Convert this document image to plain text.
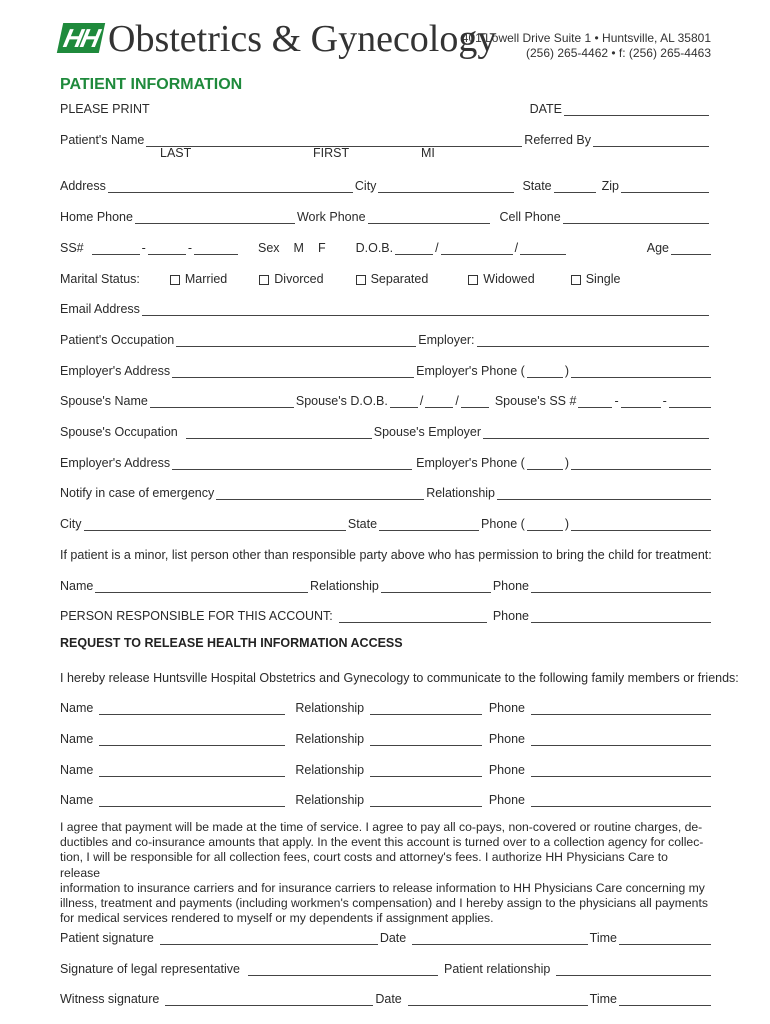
HH Obstetrics & Gynecology
401 Lowell Drive Suite 1 • Huntsville, AL 35801
(256) 265-4462 • f: (256) 265-4463
PATIENT INFORMATION
PLEASE PRINT	DATE
Patient's Name	Referred By
LAST	FIRST	MI
Address	City	State	Zip
Home Phone	Work Phone	Cell Phone
SS#	-	-	Sex M F D.O.B.	/	/	Age
Marital Status:	Married	Divorced	Separated	Widowed	Single
Email Address
Patient's Occupation	Employer:
Employer's Address	Employer's Phone (	)
Spouse's Name	Spouse's D.O.B.	/	/	Spouse's SS #	-	-
Spouse's Occupation	Spouse's Employer
Employer's Address	Employer's Phone (	)
Notify in case of emergency	Relationship
City	State	Phone (	)
If patient is a minor, list person other than responsible party above who has permission to bring the child for treatment:
Name	Relationship	Phone
PERSON RESPONSIBLE FOR THIS ACCOUNT:	Phone
REQUEST TO RELEASE HEALTH INFORMATION ACCESS
I hereby release Huntsville Hospital Obstetrics and Gynecology to communicate to the following family members or friends:
Name	Relationship	Phone
Name	Relationship	Phone
Name	Relationship	Phone
Name	Relationship	Phone
I agree that payment will be made at the time of service. I agree to pay all co-pays, non-covered or routine charges, de-
ductibles and co-insurance amounts that apply. In the event this account is turned over to a collection agency for collec-
tion, I will be responsible for all collection fees, court costs and attorney's fees. I authorize HH Physicians Care to release
information to insurance carriers and for insurance carriers to release information to HH Physicians Care concerning my
illness, treatment and payments (including workmen's compensation) and I hereby assign to the physicians all payments
for medical services rendered to myself or my dependents if assignment applies.
Patient signature	Date	Time
Signature of legal representative	Patient relationship
Witness signature	Date	Time
